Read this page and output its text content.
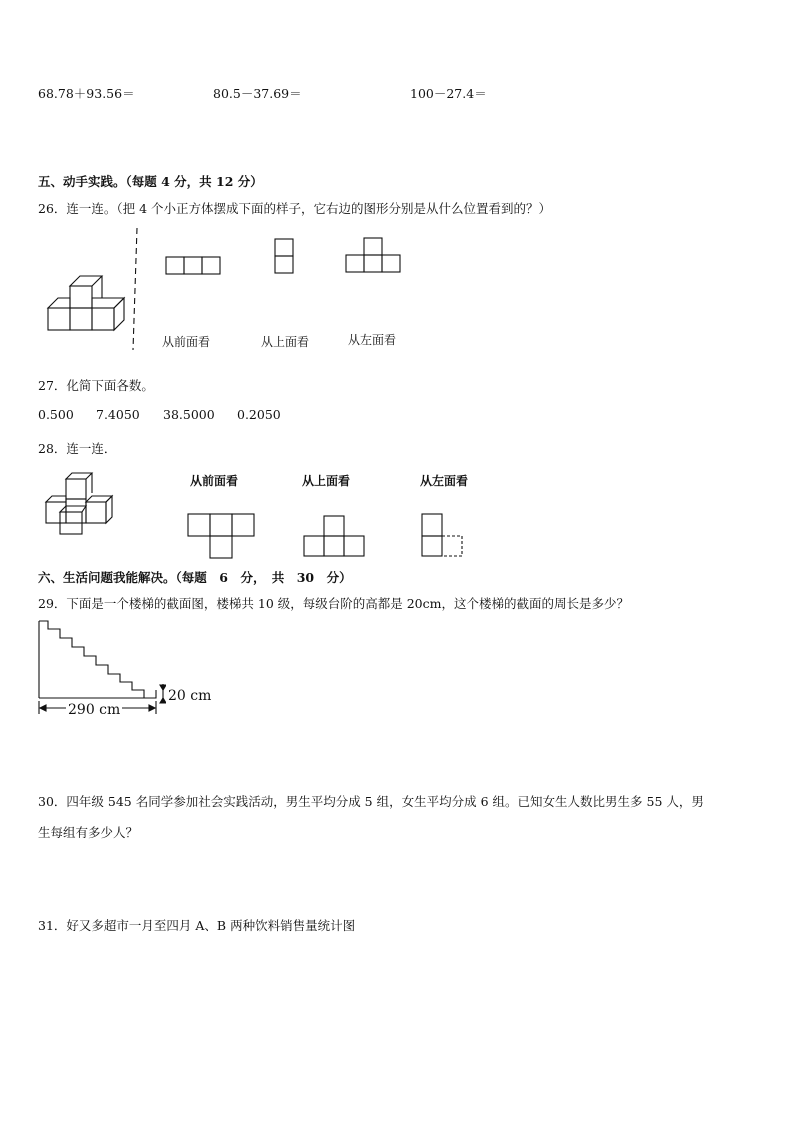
68.78＋93.56＝	80.5－37.69＝	100－27.4＝
五、动手实践。（每题 4 分，共 12 分）
26．连一连。（把 4 个小正方体摆成下面的样子，它右边的图形分别是从什么位置看到的？）
从前面看	从上面看	从左面看
27．化简下面各数。
0.500 7.4050 38.5000 0.2050
28．连一连．
从前面看	从上面看	从左面看
六、生活问题我能解决。（每题　6　分，　共　30　分）
29．下面是一个楼梯的截面图，楼梯共 10 级，每级台阶的高都是 20cm，这个楼梯的截面的周长是多少？
290 cm
20 cm
30．四年级 545 名同学参加社会实践活动，男生平均分成 5 组，女生平均分成 6 组。已知女生人数比男生多 55 人，男
生每组有多少人？
31．好又多超市一月至四月 A、B 两种饮料销售量统计图
